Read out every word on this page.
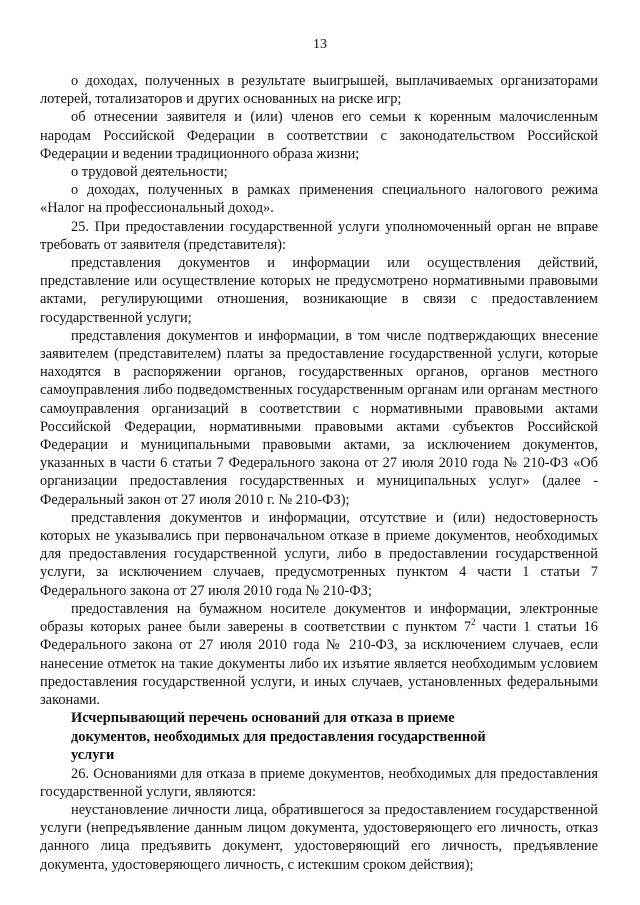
13

о доходах, полученных в результате выигрышей, выплачиваемых организаторами лотерей, тотализаторов и других основанных на риске игр;

об отнесении заявителя и (или) членов его семьи к коренным малочисленным народам Российской Федерации в соответствии с законодательством Российской Федерации и ведении традиционного образа жизни;

о трудовой деятельности;

о доходах, полученных в рамках применения специального налогового режима «Налог на профессиональный доход».

25. При предоставлении государственной услуги уполномоченный орган не вправе требовать от заявителя (представителя):

представления документов и информации или осуществления действий, представление или осуществление которых не предусмотрено нормативными правовыми актами, регулирующими отношения, возникающие в связи с предоставлением государственной услуги;

представления документов и информации, в том числе подтверждающих внесение заявителем (представителем) платы за предоставление государственной услуги, которые находятся в распоряжении органов, государственных органов, органов местного самоуправления либо подведомственных государственным органам или органам местного самоуправления организаций в соответствии с нормативными правовыми актами Российской Федерации, нормативными правовыми актами субъектов Российской Федерации и муниципальными правовыми актами, за исключением документов, указанных в части 6 статьи 7 Федерального закона от 27 июля 2010 года № 210-ФЗ «Об организации предоставления государственных и муниципальных услуг» (далее - Федеральный закон от 27 июля 2010 г. № 210-ФЗ);

представления документов и информации, отсутствие и (или) недостоверность которых не указывались при первоначальном отказе в приеме документов, необходимых для предоставления государственной услуги, либо в предоставлении государственной услуги, за исключением случаев, предусмотренных пунктом 4 части 1 статьи 7 Федерального закона от 27 июля 2010 года № 210-ФЗ;

предоставления на бумажном носителе документов и информации, электронные образы которых ранее были заверены в соответствии с пунктом $7^2$ части 1 статьи 16 Федерального закона от 27 июля 2010 года № 210-ФЗ, за исключением случаев, если нанесение отметок на такие документы либо их изъятие является необходимым условием предоставления государственной услуги, и иных случаев, установленных федеральными законами.

Исчерпывающий перечень оснований для отказа в приеме
документов, необходимых для предоставления государственной
услуги

26. Основаниями для отказа в приеме документов, необходимых для предоставления государственной услуги, являются:

неустановление личности лица, обратившегося за предоставлением государственной услуги (непредъявление данным лицом документа, удостоверяющего его личность, отказ данного лица предъявить документ, удостоверяющий его личность, предъявление документа, удостоверяющего личность, с истекшим сроком действия);
